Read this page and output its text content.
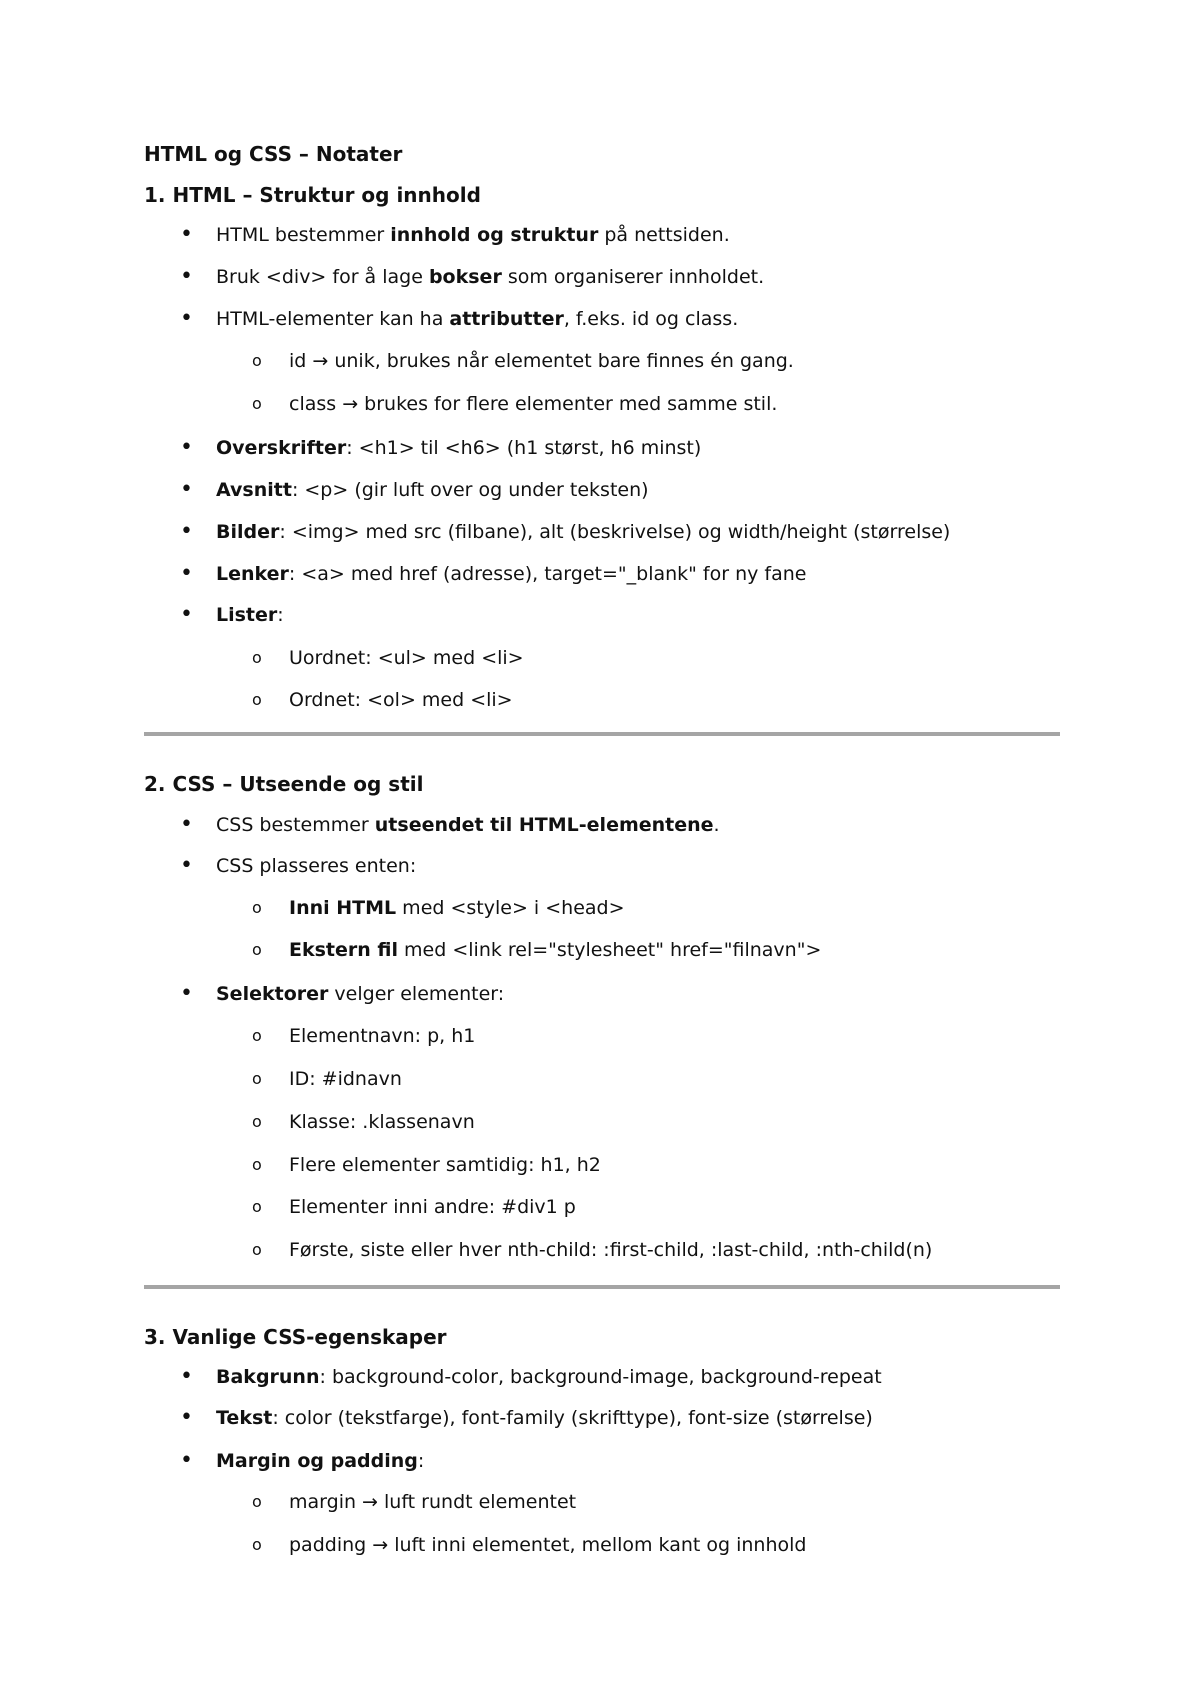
HTML og CSS – Notater
1. HTML – Struktur og innhold
• HTML bestemmer innhold og struktur på nettsiden.
• Bruk <div> for å lage bokser som organiserer innholdet.
• HTML-elementer kan ha attributter, f.eks. id og class.
o id → unik, brukes når elementet bare finnes én gang.
o class → brukes for flere elementer med samme stil.
• Overskrifter: <h1> til <h6> (h1 størst, h6 minst)
• Avsnitt: <p> (gir luft over og under teksten)
• Bilder: <img> med src (filbane), alt (beskrivelse) og width/height (størrelse)
• Lenker: <a> med href (adresse), target="_blank" for ny fane
• Lister:
o Uordnet: <ul> med <li>
o Ordnet: <ol> med <li>
2. CSS – Utseende og stil
• CSS bestemmer utseendet til HTML-elementene.
• CSS plasseres enten:
o Inni HTML med <style> i <head>
o Ekstern fil med <link rel="stylesheet" href="filnavn">
• Selektorer velger elementer:
o Elementnavn: p, h1
o ID: #idnavn
o Klasse: .klassenavn
o Flere elementer samtidig: h1, h2
o Elementer inni andre: #div1 p
o Første, siste eller hver nth-child: :first-child, :last-child, :nth-child(n)
3. Vanlige CSS-egenskaper
• Bakgrunn: background-color, background-image, background-repeat
• Tekst: color (tekstfarge), font-family (skrifttype), font-size (størrelse)
• Margin og padding:
o margin → luft rundt elementet
o padding → luft inni elementet, mellom kant og innhold
